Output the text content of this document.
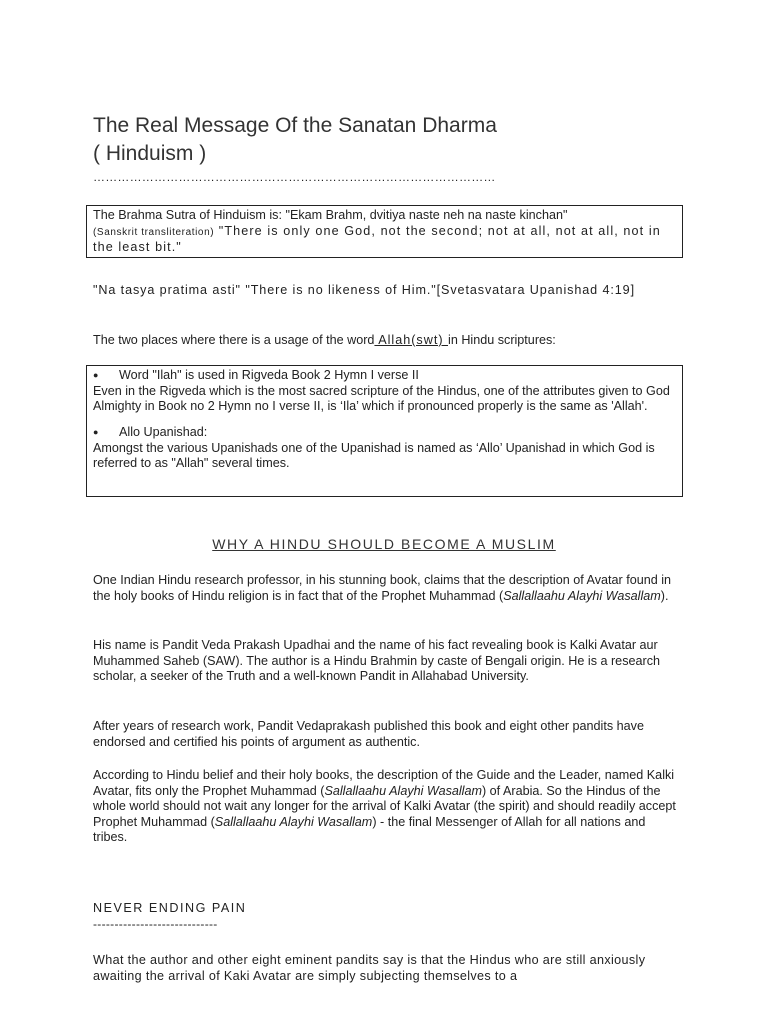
The Real Message Of the Sanatan Dharma
( Hinduism )
………………………………………………………………………………………
The Brahma Sutra of Hinduism is: "Ekam Brahm, dvitiya naste neh na naste kinchan"
(Sanskrit transliteration) "There is only one God, not the second; not at all, not at all, not in the least bit."

"Na tasya pratima asti" "There is no likeness of Him."[Svetasvatara Upanishad 4:19]

The two places where there is a usage of the word Allah(swt) in Hindu scriptures:

● Word "Ilah" is used in Rigveda Book 2 Hymn I verse II
Even in the Rigveda which is the most sacred scripture of the Hindus, one of the attributes given to God Almighty in Book no 2 Hymn no I verse II, is ‘Ila’ which if pronounced properly is the same as 'Allah'.
● Allo Upanishad:
Amongst the various Upanishads one of the Upanishad is named as ‘Allo’ Upanishad in which God is referred to as "Allah" several times.
WHY A HINDU SHOULD BECOME A MUSLIM

One Indian Hindu research professor, in his stunning book, claims that the description of Avatar found in the holy books of Hindu religion is in fact that of the Prophet Muhammad (Sallallaahu Alayhi Wasallam).

His name is Pandit Veda Prakash Upadhai and the name of his fact revealing book is Kalki Avatar aur Muhammed Saheb (SAW). The author is a Hindu Brahmin by caste of Bengali origin. He is a research scholar, a seeker of the Truth and a well-known Pandit in Allahabad University.

After years of research work, Pandit Vedaprakash published this book and eight other pandits have endorsed and certified his points of argument as authentic.

According to Hindu belief and their holy books, the description of the Guide and the Leader, named Kalki Avatar, fits only the Prophet Muhammad (Sallallaahu Alayhi Wasallam) of Arabia. So the Hindus of the whole world should not wait any longer for the arrival of Kalki Avatar (the spirit) and should readily accept Prophet Muhammad (Sallallaahu Alayhi Wasallam) - the final Messenger of Allah for all nations and tribes.

NEVER ENDING PAIN
-----------------------------

What the author and other eight eminent pandits say is that the Hindus who are still anxiously awaiting the arrival of Kaki Avatar are simply subjecting themselves to a
